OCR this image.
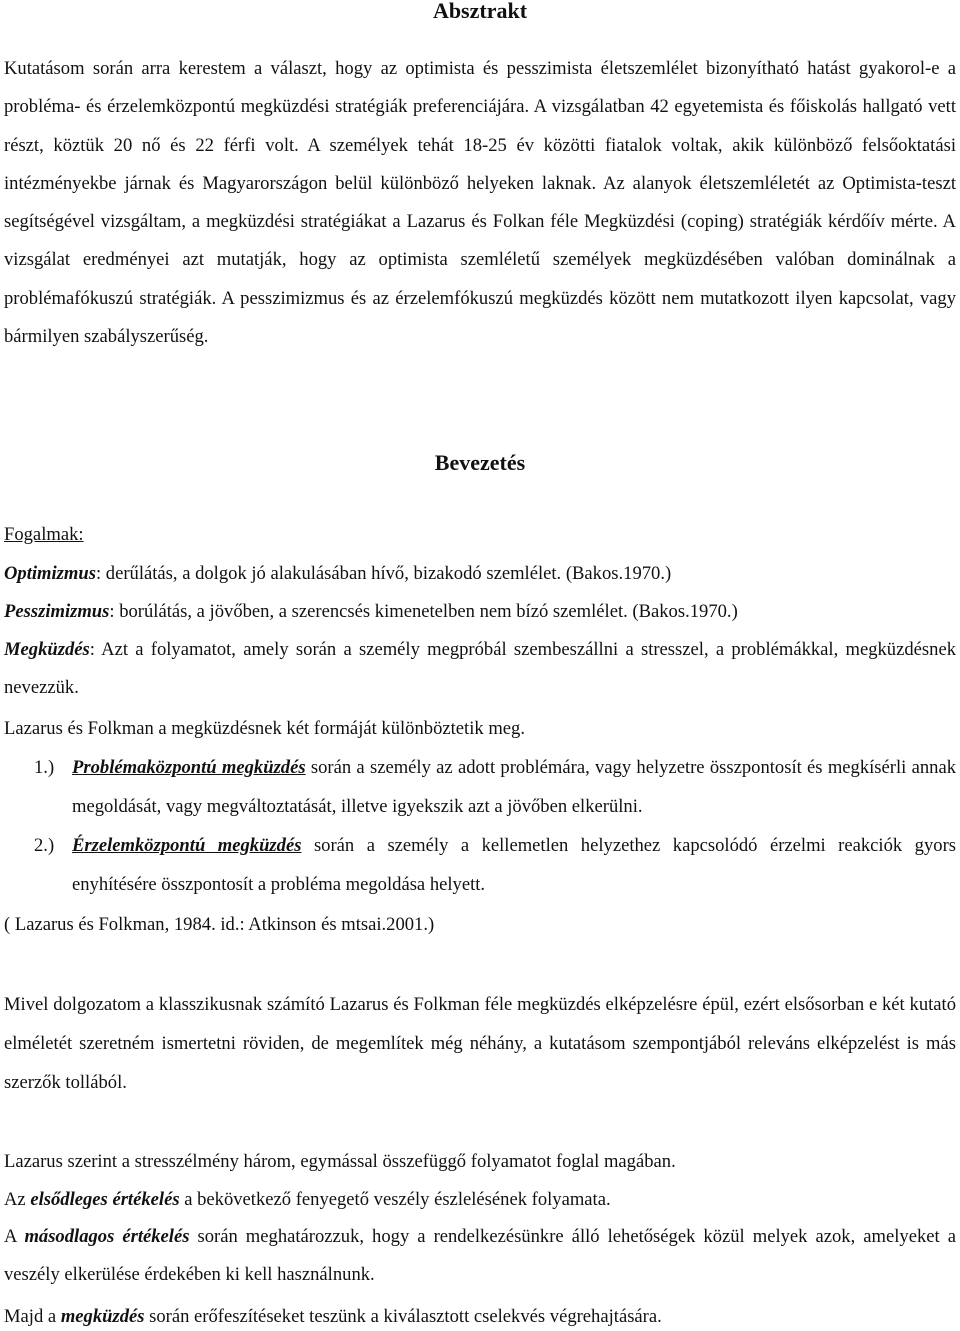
Absztrakt

Kutatásom során arra kerestem a választ, hogy az optimista és pesszimista életszemlélet bizonyítható hatást gyakorol-e a probléma- és érzelemközpontú megküzdési stratégiák preferenciájára. A vizsgálatban 42 egyetemista és főiskolás hallgató vett részt, köztük 20 nő és 22 férfi volt. A személyek tehát 18-25 év közötti fiatalok voltak, akik különböző felsőoktatási intézményekbe járnak és Magyarországon belül különböző helyeken laknak. Az alanyok életszemléletét az Optimista-teszt segítségével vizsgáltam, a megküzdési stratégiákat a Lazarus és Folkan féle Megküzdési (coping) stratégiák kérdőív mérte. A vizsgálat eredményei azt mutatják, hogy az optimista szemléletű személyek megküzdésében valóban dominálnak a problémafókuszú stratégiák. A pesszimizmus és az érzelemfókuszú megküzdés között nem mutatkozott ilyen kapcsolat, vagy bármilyen szabályszerűség.

Bevezetés
Fogalmak:
Optimizmus: derűlátás, a dolgok jó alakulásában hívő, bizakodó szemlélet. (Bakos.1970.)
Pesszimizmus: borúlátás, a jövőben, a szerencsés kimenetelben nem bízó szemlélet. (Bakos.1970.)

Megküzdés: Azt a folyamatot, amely során a személy megpróbál szembeszállni a stresszel, a problémákkal, megküzdésnek nevezzük.

Lazarus és Folkman a megküzdésnek két formáját különböztetik meg.
1.) Problémaközpontú megküzdés során a személy az adott problémára, vagy helyzetre összpontosít és megkísérli annak megoldását, vagy megváltoztatását, illetve igyekszik azt a jövőben elkerülni.

2.) Érzelemközpontú megküzdés során a személy a kellemetlen helyzethez kapcsolódó érzelmi reakciók gyors enyhítésére összpontosít a probléma megoldása helyett.

( Lazarus és Folkman, 1984. id.: Atkinson és mtsai.2001.)

Mivel dolgozatom a klasszikusnak számító Lazarus és Folkman féle megküzdés elképzelésre épül, ezért elsősorban e két kutató elméletét szeretném ismertetni röviden, de megemlítek még néhány, a kutatásom szempontjából releváns elképzelést is más szerzők tollából.

Lazarus szerint a stresszélmény három, egymással összefüggő folyamatot foglal magában.
Az elsődleges értékelés a bekövetkező fenyegető veszély észlelésének folyamata.

A másodlagos értékelés során meghatározzuk, hogy a rendelkezésünkre álló lehetőségek közül melyek azok, amelyeket a veszély elkerülése érdekében ki kell használnunk.

Majd a megküzdés során erőfeszítéseket teszünk a kiválasztott cselekvés végrehajtására.
